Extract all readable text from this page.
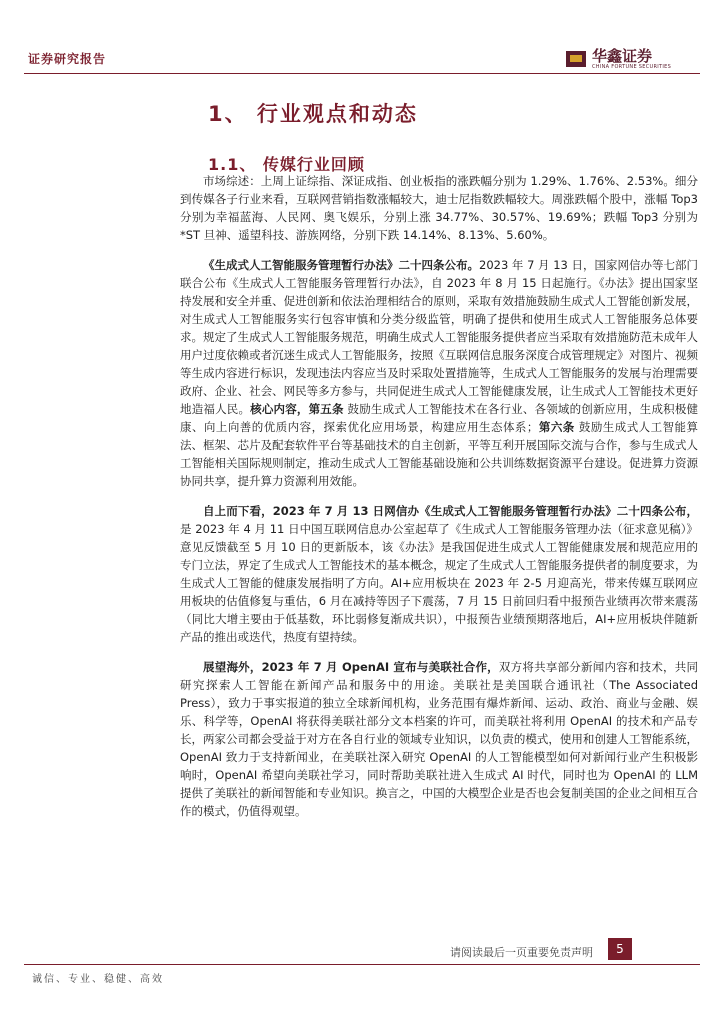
证券研究报告	华鑫证券
CHINA FORTUNE SECURITIES
1、 行业观点和动态
1.1、 传媒行业回顾

市场综述：上周上证综指、深证成指、创业板指的涨跌幅分别为 1.29%、1.76%、2.53%。细分到传媒各子行业来看，互联网营销指数涨幅较大，迪士尼指数跌幅较大。周涨跌幅个股中，涨幅 Top3 分别为幸福蓝海、人民网、奥飞娱乐，分别上涨 34.77%、30.57%、19.69%；跌幅 Top3 分别为*ST 旦神、遥望科技、游族网络，分别下跌 14.14%、8.13%、5.60%。

《生成式人工智能服务管理暂行办法》二十四条公布。2023 年 7 月 13 日，国家网信办等七部门联合公布《生成式人工智能服务管理暂行办法》，自 2023 年 8 月 15 日起施行。《办法》提出国家坚持发展和安全并重、促进创新和依法治理相结合的原则，采取有效措施鼓励生成式人工智能创新发展，对生成式人工智能服务实行包容审慎和分类分级监管，明确了提供和使用生成式人工智能服务总体要求。规定了生成式人工智能服务规范，明确生成式人工智能服务提供者应当采取有效措施防范未成年人用户过度依赖或者沉迷生成式人工智能服务，按照《互联网信息服务深度合成管理规定》对图片、视频等生成内容进行标识，发现违法内容应当及时采取处置措施等，生成式人工智能服务的发展与治理需要政府、企业、社会、网民等多方参与，共同促进生成式人工智能健康发展，让生成式人工智能技术更好地造福人民。核心内容，第五条 鼓励生成式人工智能技术在各行业、各领域的创新应用，生成积极健康、向上向善的优质内容，探索优化应用场景，构建应用生态体系；第六条 鼓励生成式人工智能算法、框架、芯片及配套软件平台等基础技术的自主创新，平等互利开展国际交流与合作，参与生成式人工智能相关国际规则制定，推动生成式人工智能基础设施和公共训练数据资源平台建设。促进算力资源协同共享，提升算力资源利用效能。

自上而下看，2023 年 7 月 13 日网信办《生成式人工智能服务管理暂行办法》二十四条公布，是 2023 年 4 月 11 日中国互联网信息办公室起草了《生成式人工智能服务管理办法（征求意见稿）》意见反馈截至 5 月 10 日的更新版本，该《办法》是我国促进生成式人工智能健康发展和规范应用的专门立法，界定了生成式人工智能技术的基本概念，规定了生成式人工智能服务提供者的制度要求，为生成式人工智能的健康发展指明了方向。AI+应用板块在 2023 年 2-5 月迎高光，带来传媒互联网应用板块的估值修复与重估，6 月在减持等因子下震荡，7 月 15 日前回归看中报预告业绩再次带来震荡（同比大增主要由于低基数，环比弱修复渐成共识），中报预告业绩预期落地后，AI+应用板块伴随新产品的推出或迭代，热度有望持续。

展望海外，2023 年 7 月 OpenAI 宣布与美联社合作，双方将共享部分新闻内容和技术，共同研究探索人工智能在新闻产品和服务中的用途。美联社是美国联合通讯社（The Associated Press），致力于事实报道的独立全球新闻机构，业务范围有爆炸新闻、运动、政治、商业与金融、娱乐、科学等，OpenAI 将获得美联社部分文本档案的许可，而美联社将利用 OpenAI 的技术和产品专长，两家公司都会受益于对方在各自行业的领域专业知识，以负责的模式，使用和创建人工智能系统，OpenAI 致力于支持新闻业，在美联社深入研究 OpenAI 的人工智能模型如何对新闻行业产生积极影响时，OpenAI 希望向美联社学习，同时帮助美联社进入生成式 AI 时代，同时也为 OpenAI 的 LLM 提供了美联社的新闻智能和专业知识。换言之，中国的大模型企业是否也会复制美国的企业之间相互合作的模式，仍值得观望。

请阅读最后一页重要免责声明	5
诚信、专业、稳健、高效
